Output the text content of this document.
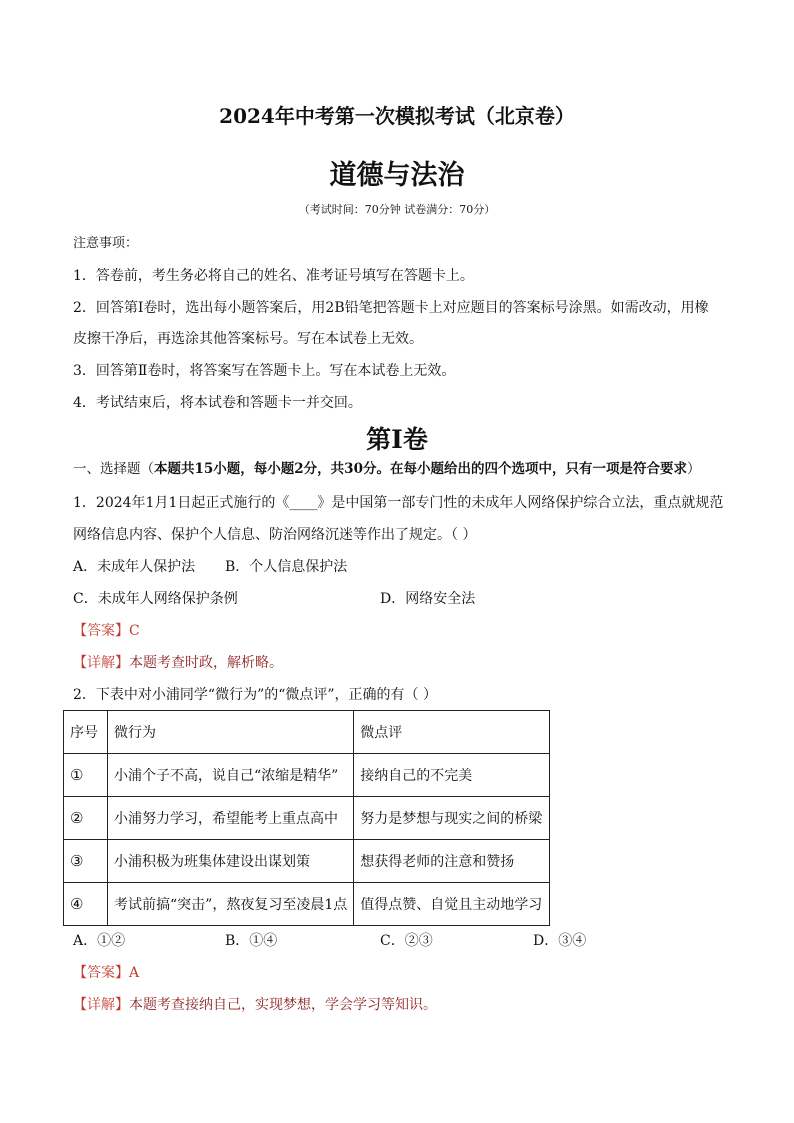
2024年中考第一次模拟考试（北京卷）
道德与法治
（考试时间：70分钟 试卷满分：70分）
注意事项：
1．答卷前，考生务必将自己的姓名、准考证号填写在答题卡上。
2．回答第Ⅰ卷时，选出每小题答案后，用2B铅笔把答题卡上对应题目的答案标号涂黑。如需改动，用橡
皮擦干净后，再选涂其他答案标号。写在本试卷上无效。
3．回答第Ⅱ卷时，将答案写在答题卡上。写在本试卷上无效。
4．考试结束后，将本试卷和答题卡一并交回。
第Ⅰ卷
一、选择题（本题共15小题，每小题2分，共30分。在每小题给出的四个选项中，只有一项是符合要求）
1．2024年1月1日起正式施行的《____》是中国第一部专门性的未成年人网络保护综合立法，重点就规范
网络信息内容、保护个人信息、防治网络沉迷等作出了规定。（ ）
A．未成年人保护法 B．个人信息保护法
C．未成年人网络保护条例	D．网络安全法
【答案】C
【详解】本题考查时政，解析略。
2．下表中对小浦同学“微行为”的“微点评”，正确的有（ ）
序号	微行为	微点评
①	小浦个子不高，说自己“浓缩是精华”	接纳自己的不完美
②	小浦努力学习，希望能考上重点高中	努力是梦想与现实之间的桥梁
③	小浦积极为班集体建设出谋划策	想获得老师的注意和赞扬
④	考试前搞“突击”，熬夜复习至凌晨1点	值得点赞、自觉且主动地学习
A．①②	B．①④	C．②③	D．③④
【答案】A
【详解】本题考查接纳自己，实现梦想，学会学习等知识。
